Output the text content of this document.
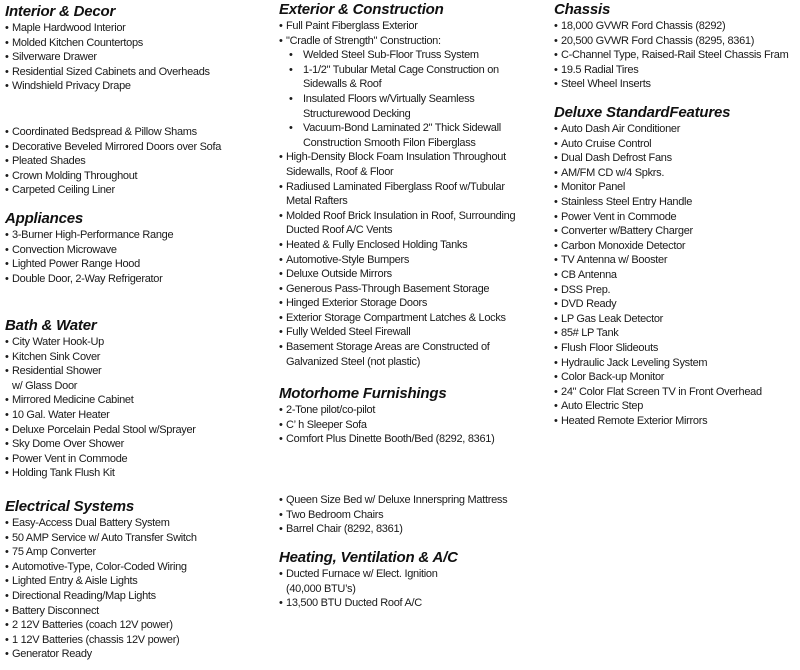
Interior & Decor
• Maple Hardwood Interior
• Molded Kitchen Countertops
• Silverware Drawer
• Residential Sized Cabinets and Overheads
• Windshield Privacy Drape
• Coordinated Bedspread & Pillow Shams
• Decorative Beveled Mirrored Doors over Sofa
• Pleated Shades
• Crown Molding Throughout
• Carpeted Ceiling Liner
Appliances
• 3-Burner High-Performance Range
• Convection Microwave
• Lighted Power Range Hood
• Double Door, 2-Way Refrigerator
Bath & Water
• City Water Hook-Up
• Kitchen Sink Cover
• Residential Shower
w/ Glass Door
• Mirrored Medicine Cabinet
• 10 Gal. Water Heater
• Deluxe Porcelain Pedal Stool w/Sprayer
• Sky Dome Over Shower
• Power Vent in Commode
• Holding Tank Flush Kit
Electrical Systems
• Easy-Access Dual Battery System
• 50 AMP Service w/ Auto Transfer Switch
• 75 Amp Converter
• Automotive-Type, Color-Coded Wiring
• Lighted Entry & Aisle Lights
• Directional Reading/Map Lights
• Battery Disconnect
• 2 12V Batteries (coach 12V power)
• 1 12V Batteries (chassis 12V power)
• Generator Ready
Exterior & Construction
• Full Paint Fiberglass Exterior
• "Cradle of Strength" Construction:
•Welded Steel Sub-Floor Truss System
•1-1/2" Tubular Metal Cage Construction on
Sidewalls & Roof
•Insulated Floors w/Virtually Seamless
Structurewood Decking
•Vacuum-Bond Laminated 2" Thick Sidewall
Construction Smooth Filon Fiberglass
• High-Density Block Foam Insulation Throughout
Sidewalls, Roof & Floor
• Radiused Laminated Fiberglass Roof w/Tubular
Metal Rafters
• Molded Roof Brick Insulation in Roof, Surrounding
Ducted Roof A/C Vents
• Heated & Fully Enclosed Holding Tanks
• Automotive-Style Bumpers
• Deluxe Outside Mirrors
• Generous Pass-Through Basement Storage
• Hinged Exterior Storage Doors
• Exterior Storage Compartment Latches & Locks
• Fully Welded Steel Firewall
• Basement Storage Areas are Constructed of
Galvanized Steel (not plastic)
Motorhome Furnishings
• 2-Tone pilot/co-pilot
• C’ h Sleeper Sofa
• Comfort Plus Dinette Booth/Bed (8292, 8361)
• Queen Size Bed w/ Deluxe Innerspring Mattress
• Two Bedroom Chairs
• Barrel Chair (8292, 8361)
Heating, Ventilation & A/C
• Ducted Furnace w/ Elect. Ignition
(40,000 BTU’s)
• 13,500 BTU Ducted Roof A/C
Chassis
• 18,000 GVWR Ford Chassis (8292)
• 20,500 GVWR Ford Chassis (8295, 8361)
• C-Channel Type, Raised-Rail Steel Chassis Fram
• 19.5 Radial Tires
• Steel Wheel Inserts
Deluxe StandardFeatures
• Auto Dash Air Conditioner
• Auto Cruise Control
• Dual Dash Defrost Fans
• AM/FM CD w/4 Spkrs.
• Monitor Panel
• Stainless Steel Entry Handle
• Power Vent in Commode
• Converter w/Battery Charger
• Carbon Monoxide Detector
• TV Antenna w/ Booster
• CB Antenna
• DSS Prep.
• DVD Ready
• LP Gas Leak Detector
• 85# LP Tank
• Flush Floor Slideouts
• Hydraulic Jack Leveling System
• Color Back-up Monitor
• 24" Color Flat Screen TV in Front Overhead
• Auto Electric Step
• Heated Remote Exterior Mirrors
